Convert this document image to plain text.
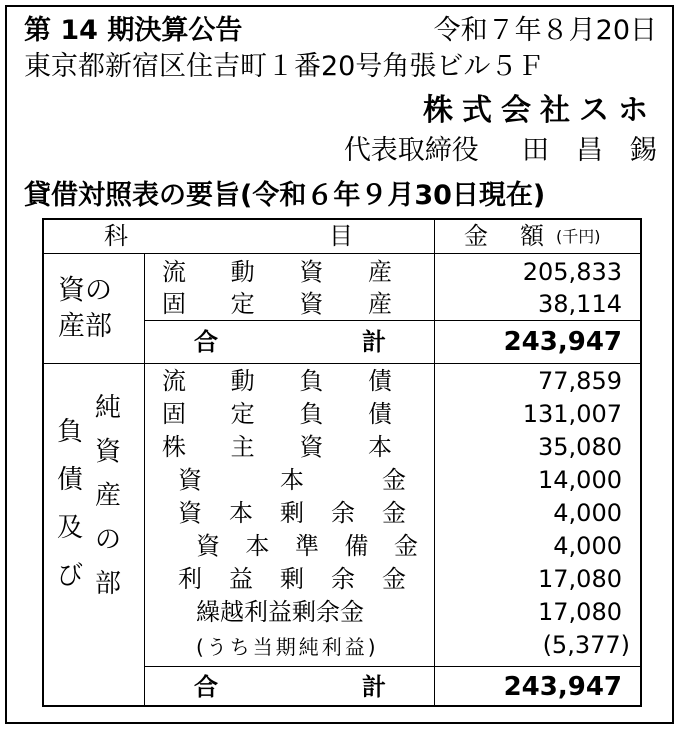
第 14 期決算公告	令和７年８月20日
東京都新宿区住吉町１番20号角張ビル５Ｆ
株式会社スホ
代表取締役 田　昌　錫
貸借対照表の要旨(令和６年９月30日現在)
科	目	金　額 (千円)
資の
産部
流 動 資 産	205,833
固 定 資 産	38,114
合	計	243,947
負
債
及
び
純
資
産
の
部
流 動 負 債	77,859
固 定 負 債	131,007
株 主 資 本	35,080
資	本	金	14,000
資 本 剰 余 金	4,000
資 本 準 備 金	4,000
利 益 剰 余 金	17,080
繰越利益剰余金	17,080
(うち当期純利益)	(5,377)
合	計	243,947
